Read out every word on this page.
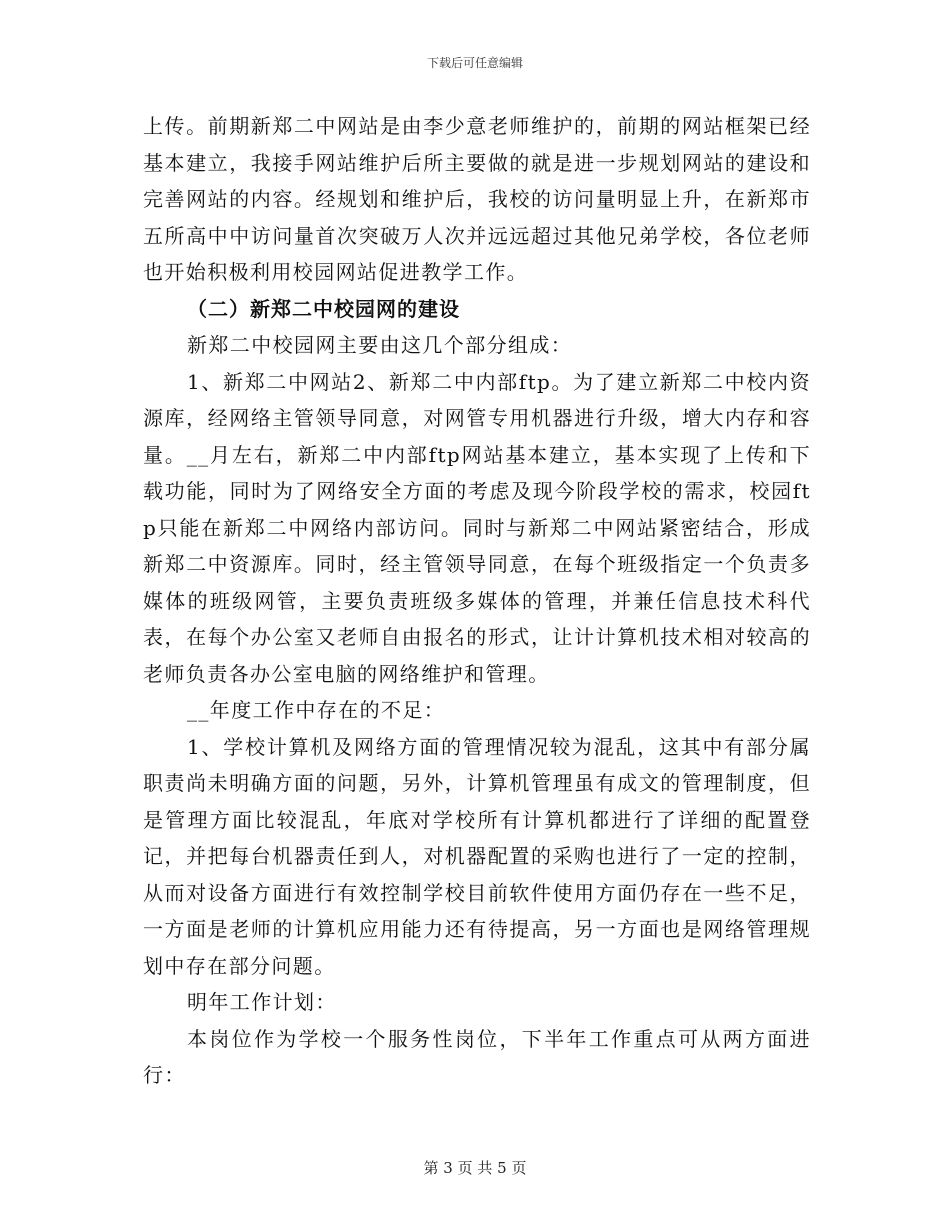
下载后可任意编辑

上传。前期新郑二中网站是由李少意老师维护的，前期的网站框架已经基本建立，我接手网站维护后所主要做的就是进一步规划网站的建设和完善网站的内容。经规划和维护后，我校的访问量明显上升，在新郑市五所高中中访问量首次突破万人次并远远超过其他兄弟学校，各位老师也开始积极利用校园网站促进教学工作。

（二）新郑二中校园网的建设

新郑二中校园网主要由这几个部分组成：

1、新郑二中网站2、新郑二中内部ftp。为了建立新郑二中校内资源库，经网络主管领导同意，对网管专用机器进行升级，增大内存和容量。__月左右，新郑二中内部ftp网站基本建立，基本实现了上传和下载功能，同时为了网络安全方面的考虑及现今阶段学校的需求，校园ftp只能在新郑二中网络内部访问。同时与新郑二中网站紧密结合，形成新郑二中资源库。同时，经主管领导同意，在每个班级指定一个负责多媒体的班级网管，主要负责班级多媒体的管理，并兼任信息技术科代表，在每个办公室又老师自由报名的形式，让计计算机技术相对较高的老师负责各办公室电脑的网络维护和管理。

__年度工作中存在的不足：

1、学校计算机及网络方面的管理情况较为混乱，这其中有部分属职责尚未明确方面的问题，另外，计算机管理虽有成文的管理制度，但是管理方面比较混乱，年底对学校所有计算机都进行了详细的配置登记，并把每台机器责任到人，对机器配置的采购也进行了一定的控制，从而对设备方面进行有效控制学校目前软件使用方面仍存在一些不足，一方面是老师的计算机应用能力还有待提高，另一方面也是网络管理规划中存在部分问题。

明年工作计划：

本岗位作为学校一个服务性岗位，下半年工作重点可从两方面进行：

第 3 页 共 5 页
